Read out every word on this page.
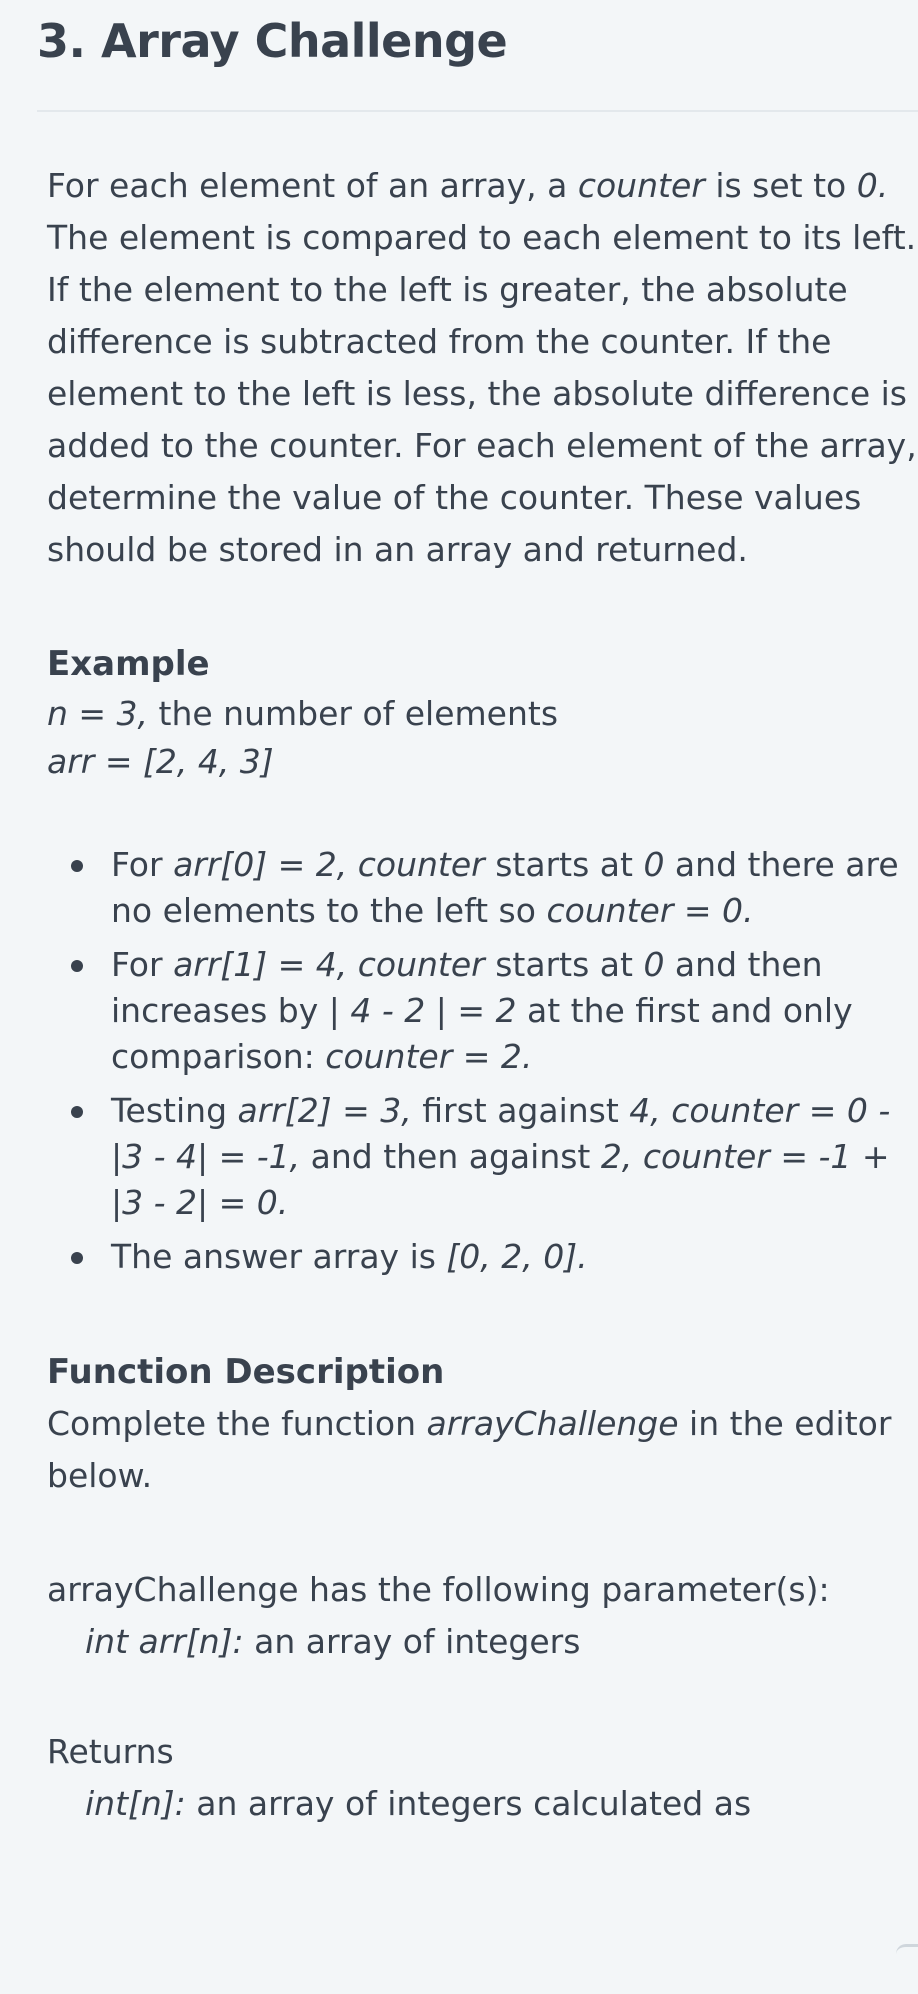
3. Array Challenge

For each element of an array, a counter is set to 0. The element is compared to each element to its left. If the element to the left is greater, the absolute difference is subtracted from the counter. If the element to the left is less, the absolute difference is added to the counter. For each element of the array, determine the value of the counter. These values should be stored in an array and returned.

Example

n = 3, the number of elements

arr = [2, 4, 3]

For arr[0] = 2, counter starts at 0 and there are no elements to the left so counter = 0.
For arr[1] = 4, counter starts at 0 and then increases by | 4 - 2 | = 2 at the first and only comparison: counter = 2.
Testing arr[2] = 3, first against 4, counter = 0 - |3 - 4| = -1, and then against 2, counter = -1 + |3 - 2| = 0.
The answer array is [0, 2, 0].

Function Description

Complete the function arrayChallenge in the editor below.

arrayChallenge has the following parameter(s):

int arr[n]: an array of integers

Returns

int[n]: an array of integers calculated as
